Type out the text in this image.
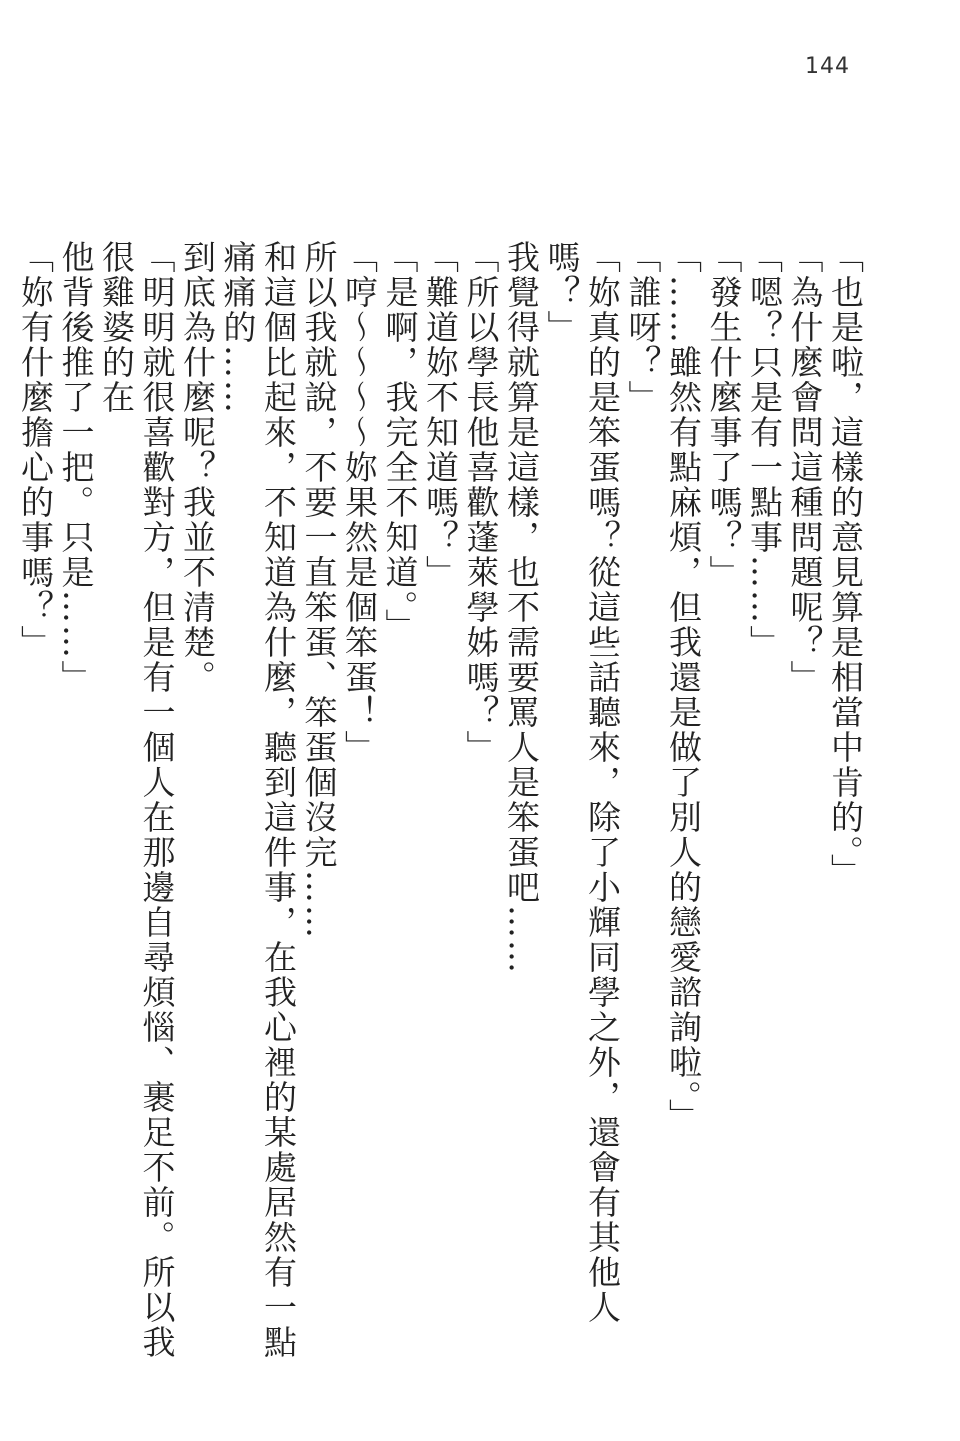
144

「也是啦，這樣的意見算是相當中肯的。」

「為什麼會問這種問題呢？」

「嗯？只是有一點事……」

「發生什麼事了嗎？」

「……雖然有點麻煩，但我還是做了別人的戀愛諮詢啦。」

「誰呀？」

「妳真的是笨蛋嗎？從這些話聽來，除了小輝同學之外，還會有其他人嗎？」

我覺得就算是這樣，也不需要罵人是笨蛋吧……

「所以學長他喜歡蓬萊學姊嗎？」

「難道妳不知道嗎？」

「是啊，我完全不知道。」

「哼～～～～妳果然是個笨蛋！」

所以我就說，不要一直笨蛋、笨蛋個沒完……

和這個比起來，不知道為什麼，聽到這件事，在我心裡的某處居然有一點痛痛的……

到底為什麼呢？我並不清楚。

「明明就很喜歡對方，但是有一個人在那邊自尋煩惱、裹足不前。所以我很雞婆的在

他背後推了一把。只是……」

「妳有什麼擔心的事嗎？」
